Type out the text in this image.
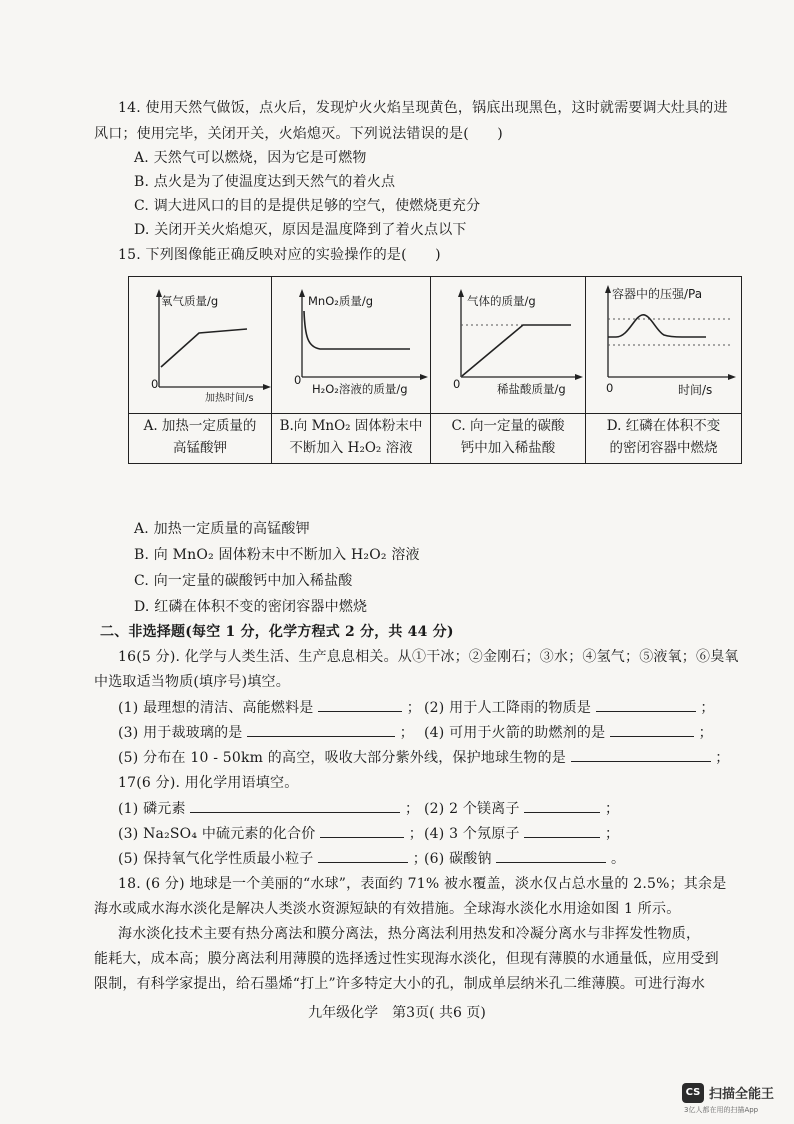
14. 使用天然气做饭，点火后，发现炉火火焰呈现黄色，锅底出现黑色，这时就需要调大灶具的进
风口；使用完毕，关闭开关，火焰熄灭。下列说法错误的是(　　)
A. 天然气可以燃烧，因为它是可燃物
B. 点火是为了使温度达到天然气的着火点
C. 调大进风口的目的是提供足够的空气，使燃烧更充分
D. 关闭开关火焰熄灭，原因是温度降到了着火点以下
15. 下列图像能正确反映对应的实验操作的是(　　)
氧气质量/g
加热时间/s
0
A. 加热一定质量的
高锰酸钾
MnO₂质量/g
H₂O₂溶液的质量/g
0
B.向 MnO₂ 固体粉末中
不断加入 H₂O₂ 溶液
气体的质量/g
稀盐酸质量/g
0
C. 向一定量的碳酸
钙中加入稀盐酸
容器中的压强/Pa
时间/s
0
D. 红磷在体积不变
的密闭容器中燃烧
A. 加热一定质量的高锰酸钾
B. 向 MnO₂ 固体粉末中不断加入 H₂O₂ 溶液
C. 向一定量的碳酸钙中加入稀盐酸
D. 红磷在体积不变的密闭容器中燃烧
二、非选择题(每空 1 分，化学方程式 2 分，共 44 分)
16(5 分). 化学与人类生活、生产息息相关。从①干冰；②金刚石；③水；④氢气；⑤液氧；⑥臭氧
中选取适当物质(填序号)填空。
(1) 最理想的清洁、高能燃料是	； (2) 用于人工降雨的物质是	；
(3) 用于裁玻璃的是	； (4) 可用于火箭的助燃剂的是	；
(5) 分布在 10 - 50km 的高空，吸收大部分紫外线，保护地球生物的是	；
17(6 分). 用化学用语填空。
(1) 磷元素	； (2) 2 个镁离子	；
(3) Na₂SO₄ 中硫元素的化合价	； (4) 3 个氖原子	；
(5) 保持氧气化学性质最小粒子	；
(6) 碳酸钠	。
18. (6 分) 地球是一个美丽的“水球”，表面约 71% 被水覆盖，淡水仅占总水量的 2.5%；其余是
海水或咸水海水淡化是解决人类淡水资源短缺的有效措施。全球海水淡化水用途如图 1 所示。
海水淡化技术主要有热分离法和膜分离法，热分离法利用热发和冷凝分离水与非挥发性物质，
能耗大，成本高；膜分离法利用薄膜的选择透过性实现海水淡化，但现有薄膜的水通量低，应用受到
限制，有科学家提出，给石墨烯“打上”许多特定大小的孔，制成单层纳米孔二维薄膜。可进行海水
九年级化学　第3页( 共6 页)
CS 扫描全能王
3亿人都在用的扫描App
